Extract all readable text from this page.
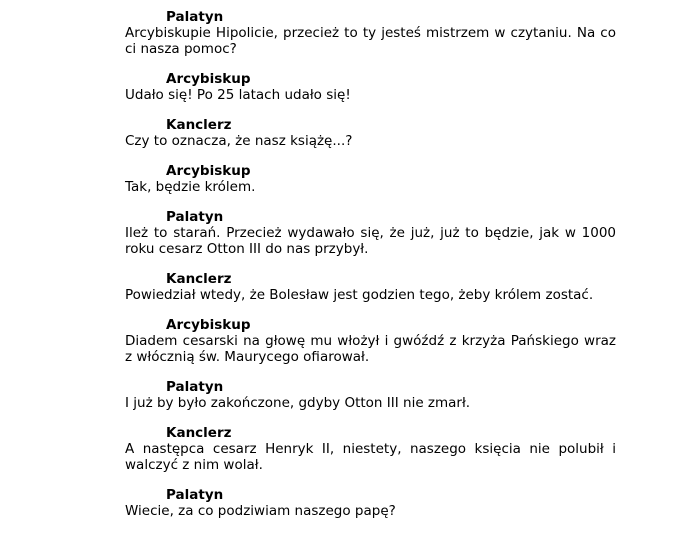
Palatyn
Arcybiskupie Hipolicie, przecież to ty jesteś mistrzem w czytaniu. Na co ci nasza pomoc?
Arcybiskup
Udało się! Po 25 latach udało się!
Kanclerz
Czy to oznacza, że nasz książę...?
Arcybiskup
Tak, będzie królem.
Palatyn
Ileż to starań. Przecież wydawało się, że już, już to będzie, jak w 1000 roku cesarz Otton III do nas przybył.
Kanclerz
Powiedział wtedy, że Bolesław jest godzien tego, żeby królem zostać.
Arcybiskup
Diadem cesarski na głowę mu włożył i gwóźdź z krzyża Pańskiego wraz z włócznią św. Maurycego ofiarował.
Palatyn
I już by było zakończone, gdyby Otton III nie zmarł.
Kanclerz
A następca cesarz Henryk II, niestety, naszego księcia nie polubił i walczyć z nim wolał.
Palatyn
Wiecie, za co podziwiam naszego papę?
